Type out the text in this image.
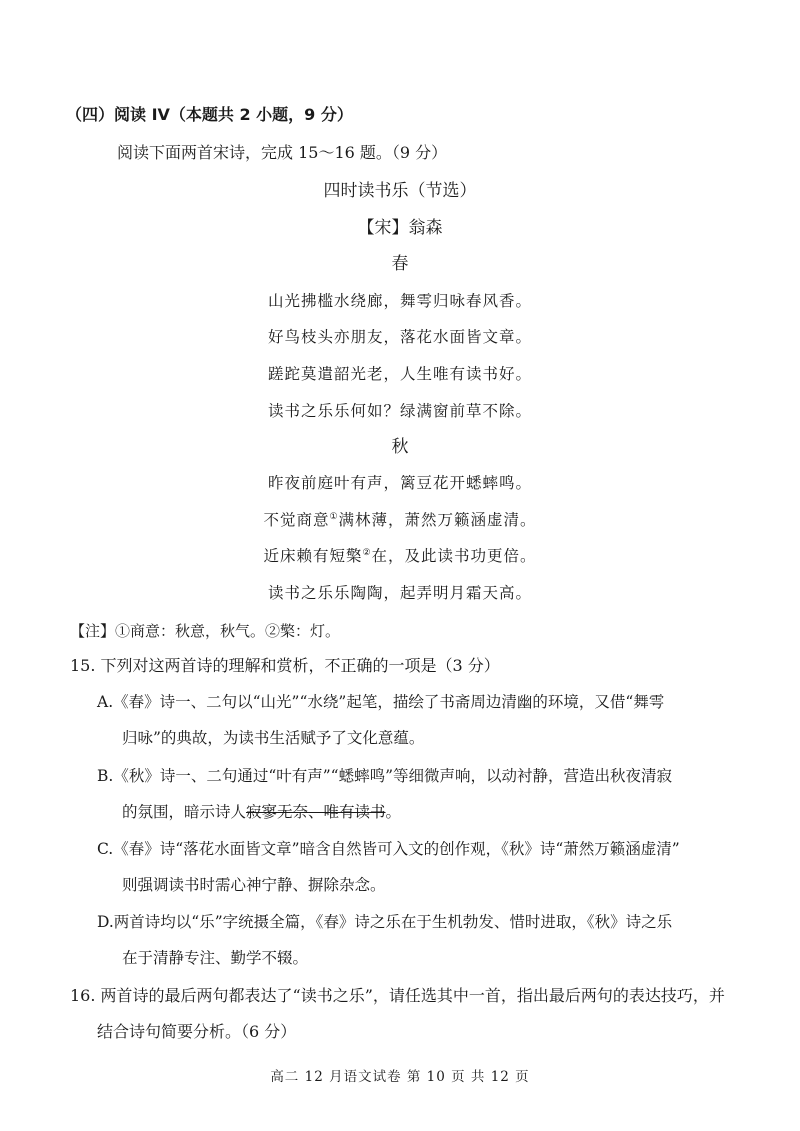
（四）阅读 IV（本题共 2 小题，9 分）
阅读下面两首宋诗，完成 15～16 题。（9 分）
四时读书乐（节选）
【宋】翁森
春
山光拂槛水绕廊，舞雩归咏春风香。
好鸟枝头亦朋友，落花水面皆文章。
蹉跎莫遣韶光老，人生唯有读书好。
读书之乐乐何如？绿满窗前草不除。
秋
昨夜前庭叶有声，篱豆花开蟋蟀鸣。
不觉商意①满林薄，萧然万籁涵虚清。
近床赖有短檠②在，及此读书功更倍。
读书之乐乐陶陶，起弄明月霜天高。
【注】①商意：秋意，秋气。②檠：灯。
15. 下列对这两首诗的理解和赏析，不正确的一项是（3 分）
A.《春》诗一、二句以“山光”“水绕”起笔，描绘了书斋周边清幽的环境，又借“舞雩
归咏”的典故，为读书生活赋予了文化意蕴。
B.《秋》诗一、二句通过“叶有声”“蟋蟀鸣”等细微声响，以动衬静，营造出秋夜清寂
的氛围，暗示诗人寂寥无奈、唯有读书。
C.《春》诗“落花水面皆文章”暗含自然皆可入文的创作观，《秋》诗“萧然万籁涵虚清”
则强调读书时需心神宁静、摒除杂念。
D.两首诗均以“乐”字统摄全篇，《春》诗之乐在于生机勃发、惜时进取，《秋》诗之乐
在于清静专注、勤学不辍。
16. 两首诗的最后两句都表达了“读书之乐”，请任选其中一首，指出最后两句的表达技巧，并
结合诗句简要分析。（6 分）
高二 12 月语文试卷 第 10 页 共 12 页
